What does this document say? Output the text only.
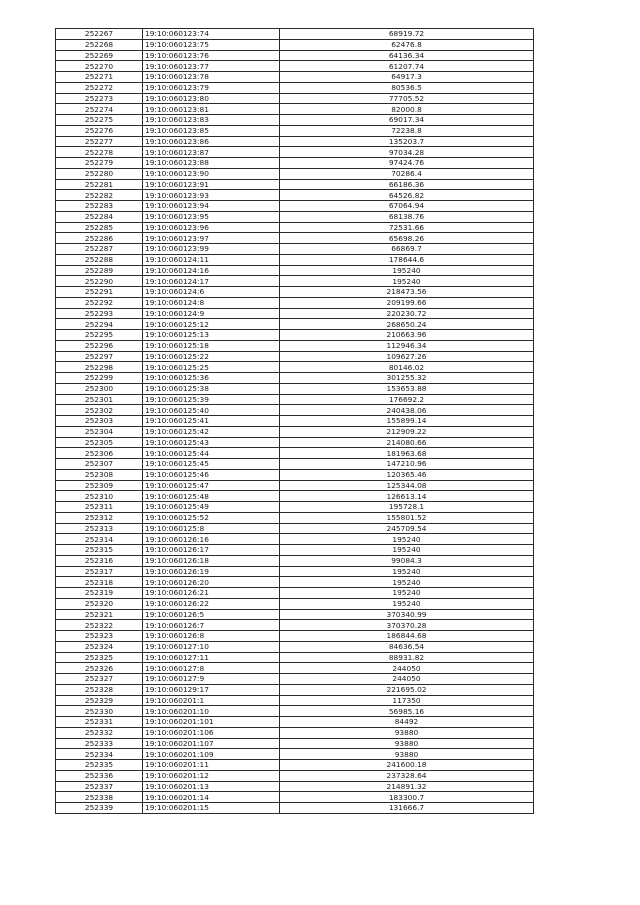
252267	19:10:060123:74	68919.72
252268	19:10:060123:75	62476.8
252269	19:10:060123:76	64136.34
252270	19:10:060123:77	61207.74
252271	19:10:060123:78	64917.3
252272	19:10:060123:79	80536.5
252273	19:10:060123:80	77705.52
252274	19:10:060123:81	82000.8
252275	19:10:060123:83	69017.34
252276	19:10:060123:85	72238.8
252277	19:10:060123:86	135203.7
252278	19:10:060123:87	97034.28
252279	19:10:060123:88	97424.76
252280	19:10:060123:90	70286.4
252281	19:10:060123:91	66186.36
252282	19:10:060123:93	64526.82
252283	19:10:060123:94	67064.94
252284	19:10:060123:95	68138.76
252285	19:10:060123:96	72531.66
252286	19:10:060123:97	65698.26
252287	19:10:060123:99	66869.7
252288	19:10:060124:11	178644.6
252289	19:10:060124:16	195240
252290	19:10:060124:17	195240
252291	19:10:060124:6	218473.56
252292	19:10:060124:8	209199.66
252293	19:10:060124:9	220230.72
252294	19:10:060125:12	268650.24
252295	19:10:060125:13	210663.96
252296	19:10:060125:18	112946.34
252297	19:10:060125:22	109627.26
252298	19:10:060125:25	80146.02
252299	19:10:060125:36	301255.32
252300	19:10:060125:38	153653.88
252301	19:10:060125:39	176692.2
252302	19:10:060125:40	240438.06
252303	19:10:060125:41	155899.14
252304	19:10:060125:42	212909.22
252305	19:10:060125:43	214080.66
252306	19:10:060125:44	181963.68
252307	19:10:060125:45	147210.96
252308	19:10:060125:46	120365.46
252309	19:10:060125:47	125344.08
252310	19:10:060125:48	126613.14
252311	19:10:060125:49	195728.1
252312	19:10:060125:52	155801.52
252313	19:10:060125:8	245709.54
252314	19:10:060126:16	195240
252315	19:10:060126:17	195240
252316	19:10:060126:18	99084.3
252317	19:10:060126:19	195240
252318	19:10:060126:20	195240
252319	19:10:060126:21	195240
252320	19:10:060126:22	195240
252321	19:10:060126:5	370340.99
252322	19:10:060126:7	370370.28
252323	19:10:060126:8	186844.68
252324	19:10:060127:10	84636.54
252325	19:10:060127:11	88931.82
252326	19:10:060127:8	244050
252327	19:10:060127:9	244050
252328	19:10:060129:17	221695.02
252329	19:10:060201:1	117350
252330	19:10:060201:10	56985.16
252331	19:10:060201:101	84492
252332	19:10:060201:106	93880
252333	19:10:060201:107	93880
252334	19:10:060201:109	93880
252335	19:10:060201:11	241600.18
252336	19:10:060201:12	237328.64
252337	19:10:060201:13	214891.32
252338	19:10:060201:14	183300.7
252339	19:10:060201:15	131666.7
